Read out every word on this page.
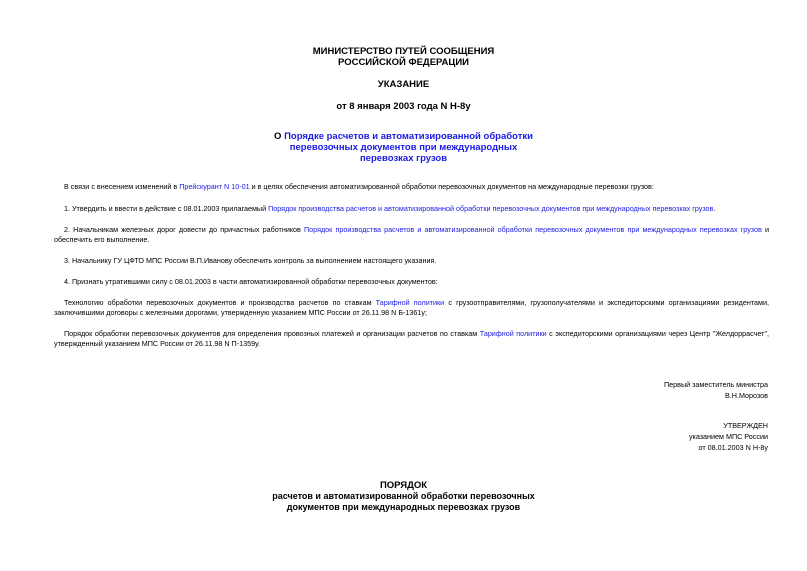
МИНИСТЕРСТВО ПУТЕЙ СООБЩЕНИЯ
РОССИЙСКОЙ ФЕДЕРАЦИИ
УКАЗАНИЕ
от 8 января 2003 года N Н-8у
О Порядке расчетов и автоматизированной обработки
перевозочных документов при международных
перевозках грузов
В связи с внесением изменений в Прейскурант N 10-01 и в целях обеспечения автоматизированной обработки перевозочных документов на международные перевозки грузов:
1. Утвердить и ввести в действие с 08.01.2003 прилагаемый Порядок производства расчетов и автоматизированной обработки перевозочных документов при международных перевозках грузов.
2. Начальникам железных дорог довести до причастных работников Порядок производства расчетов и автоматизированной обработки перевозочных документов при международных перевозках грузов и обеспечить его выполнение.
3. Начальнику ГУ ЦФТО МПС России В.П.Иванову обеспечить контроль за выполнением настоящего указания.
4. Признать утратившими силу с 08.01.2003 в части автоматизированной обработки перевозочных документов:
Технологию обработки перевозочных документов и производства расчетов по ставкам Тарифной политики с грузоотправителями, грузополучателями и экспедиторскими организациями резидентами, заключившими договоры с железными дорогами, утвержденную указанием МПС России от 26.11.98 N Б-1361у;
Порядок обработки перевозочных документов для определения провозных платежей и организации расчетов по ставкам Тарифной политики с экспедиторскими организациями через Центр "Желдоррасчет", утвержденный указанием МПС России от 26.11.98 N П-1359у.
Первый заместитель министра
В.Н.Морозов
УТВЕРЖДЕН
указанием МПС России
от 08.01.2003 N Н-8у
ПОРЯДОК
расчетов и автоматизированной обработки перевозочных
документов при международных перевозках грузов
